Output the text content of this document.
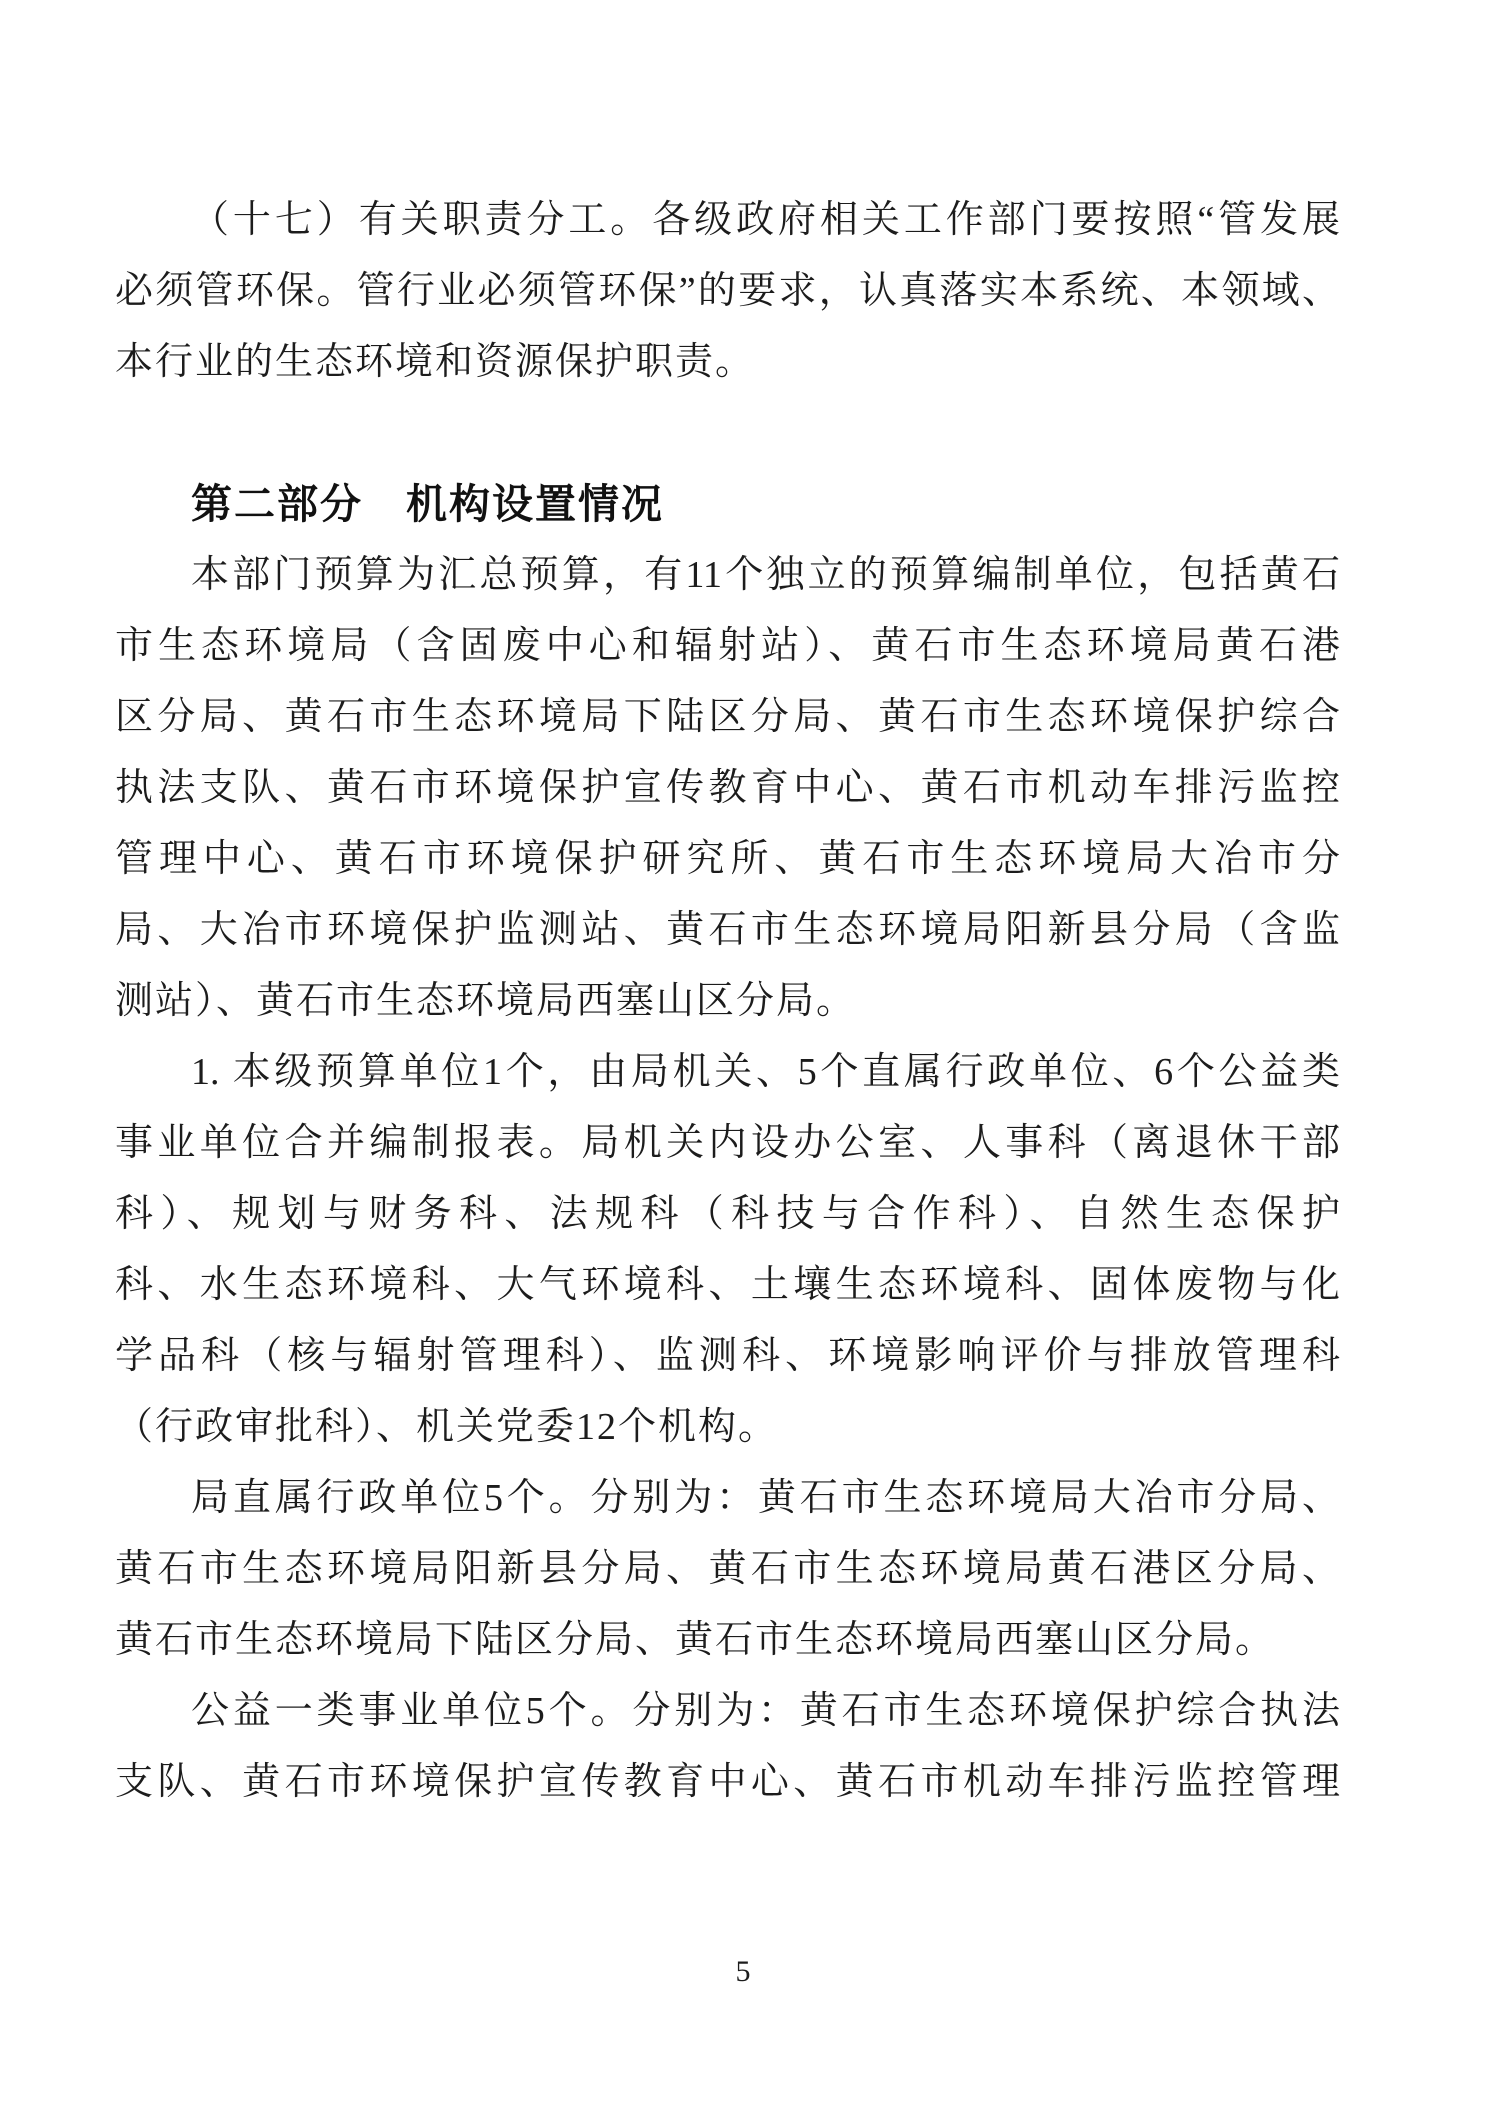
（十七）有关职责分工。各级政府相关工作部门要按照“管发展
必须管环保。管行业必须管环保”的要求，认真落实本系统、本领域、
本行业的生态环境和资源保护职责。
第二部分　机构设置情况
本部门预算为汇总预算，有11个独立的预算编制单位，包括黄石
市生态环境局（含固废中心和辐射站）、黄石市生态环境局黄石港
区分局、黄石市生态环境局下陆区分局、黄石市生态环境保护综合
执法支队、黄石市环境保护宣传教育中心、黄石市机动车排污监控
管理中心、黄石市环境保护研究所、黄石市生态环境局大冶市分
局、大冶市环境保护监测站、黄石市生态环境局阳新县分局（含监
测站）、黄石市生态环境局西塞山区分局。
1. 本级预算单位1个，由局机关、5个直属行政单位、6个公益类
事业单位合并编制报表。局机关内设办公室、人事科（离退休干部
科）、规划与财务科、法规科（科技与合作科）、自然生态保护
科、水生态环境科、大气环境科、土壤生态环境科、固体废物与化
学品科（核与辐射管理科）、监测科、环境影响评价与排放管理科
（行政审批科）、机关党委12个机构。
局直属行政单位5个。分别为：黄石市生态环境局大冶市分局、
黄石市生态环境局阳新县分局、黄石市生态环境局黄石港区分局、
黄石市生态环境局下陆区分局、黄石市生态环境局西塞山区分局。
公益一类事业单位5个。分别为：黄石市生态环境保护综合执法
支队、黄石市环境保护宣传教育中心、黄石市机动车排污监控管理
5
